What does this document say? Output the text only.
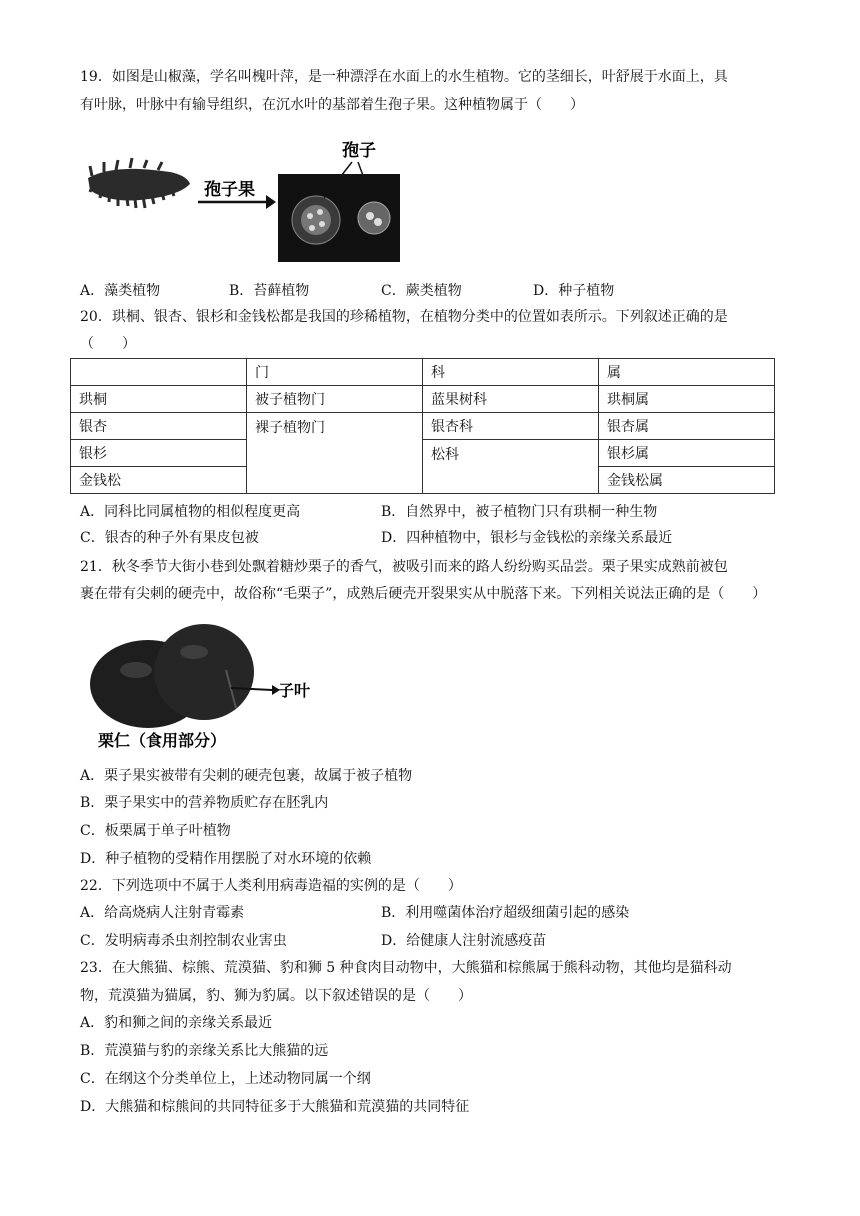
19．如图是山椒藻，学名叫槐叶萍，是一种漂浮在水面上的水生植物。它的茎细长，叶舒展于水面上，具
有叶脉，叶脉中有输导组织，在沉水叶的基部着生孢子果。这种植物属于（　　）
孢子果
孢子
A．藻类植物	B．苔藓植物	C．蕨类植物	D．种子植物
20．珙桐、银杏、银杉和金钱松都是我国的珍稀植物，在植物分类中的位置如表所示。下列叙述正确的是
（　　）
	门	科	属
珙桐	被子植物门	蓝果树科	珙桐属
银杏	裸子植物门	银杏科	银杏属
银杉		松科	银杉属
金钱松			金钱松属
A．同科比同属植物的相似程度更高	B．自然界中，被子植物门只有珙桐一种生物
C．银杏的种子外有果皮包被	D．四种植物中，银杉与金钱松的亲缘关系最近
21．秋冬季节大街小巷到处飘着糖炒栗子的香气，被吸引而来的路人纷纷购买品尝。栗子果实成熟前被包
裹在带有尖刺的硬壳中，故俗称“毛栗子”，成熟后硬壳开裂果实从中脱落下来。下列相关说法正确的是（　　）
子叶
栗仁（食用部分）
A．栗子果实被带有尖刺的硬壳包裹，故属于被子植物
B．栗子果实中的营养物质贮存在胚乳内
C．板栗属于单子叶植物
D．种子植物的受精作用摆脱了对水环境的依赖
22．下列选项中不属于人类利用病毒造福的实例的是（　　）
A．给高烧病人注射青霉素	B．利用噬菌体治疗超级细菌引起的感染
C．发明病毒杀虫剂控制农业害虫	D．给健康人注射流感疫苗
23．在大熊猫、棕熊、荒漠猫、豹和狮 5 种食肉目动物中，大熊猫和棕熊属于熊科动物，其他均是猫科动
物，荒漠猫为猫属，豹、狮为豹属。以下叙述错误的是（　　）
A．豹和狮之间的亲缘关系最近
B．荒漠猫与豹的亲缘关系比大熊猫的远
C．在纲这个分类单位上，上述动物同属一个纲
D．大熊猫和棕熊间的共同特征多于大熊猫和荒漠猫的共同特征
